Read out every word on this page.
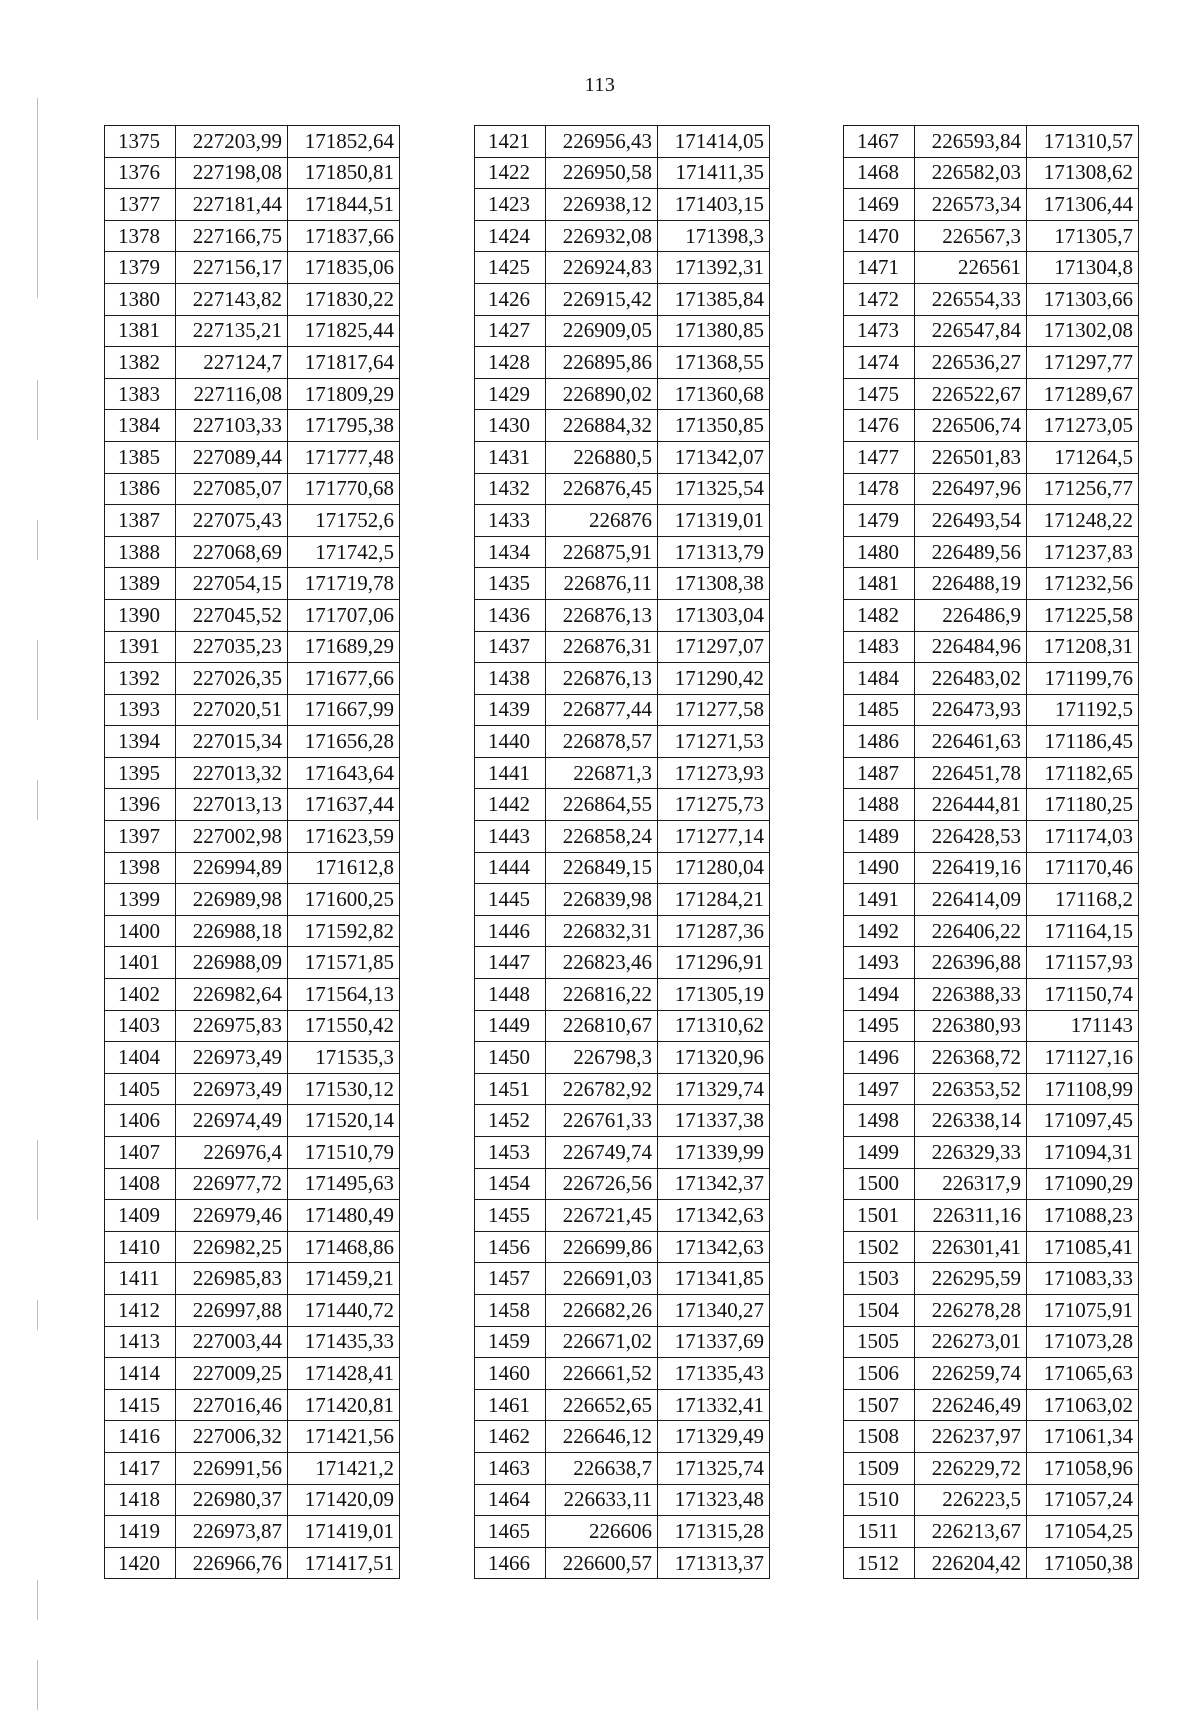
113
1375	227203,99	171852,64
1376	227198,08	171850,81
1377	227181,44	171844,51
1378	227166,75	171837,66
1379	227156,17	171835,06
1380	227143,82	171830,22
1381	227135,21	171825,44
1382	227124,7	171817,64
1383	227116,08	171809,29
1384	227103,33	171795,38
1385	227089,44	171777,48
1386	227085,07	171770,68
1387	227075,43	171752,6
1388	227068,69	171742,5
1389	227054,15	171719,78
1390	227045,52	171707,06
1391	227035,23	171689,29
1392	227026,35	171677,66
1393	227020,51	171667,99
1394	227015,34	171656,28
1395	227013,32	171643,64
1396	227013,13	171637,44
1397	227002,98	171623,59
1398	226994,89	171612,8
1399	226989,98	171600,25
1400	226988,18	171592,82
1401	226988,09	171571,85
1402	226982,64	171564,13
1403	226975,83	171550,42
1404	226973,49	171535,3
1405	226973,49	171530,12
1406	226974,49	171520,14
1407	226976,4	171510,79
1408	226977,72	171495,63
1409	226979,46	171480,49
1410	226982,25	171468,86
1411	226985,83	171459,21
1412	226997,88	171440,72
1413	227003,44	171435,33
1414	227009,25	171428,41
1415	227016,46	171420,81
1416	227006,32	171421,56
1417	226991,56	171421,2
1418	226980,37	171420,09
1419	226973,87	171419,01
1420	226966,76	171417,51
1421	226956,43	171414,05
1422	226950,58	171411,35
1423	226938,12	171403,15
1424	226932,08	171398,3
1425	226924,83	171392,31
1426	226915,42	171385,84
1427	226909,05	171380,85
1428	226895,86	171368,55
1429	226890,02	171360,68
1430	226884,32	171350,85
1431	226880,5	171342,07
1432	226876,45	171325,54
1433	226876	171319,01
1434	226875,91	171313,79
1435	226876,11	171308,38
1436	226876,13	171303,04
1437	226876,31	171297,07
1438	226876,13	171290,42
1439	226877,44	171277,58
1440	226878,57	171271,53
1441	226871,3	171273,93
1442	226864,55	171275,73
1443	226858,24	171277,14
1444	226849,15	171280,04
1445	226839,98	171284,21
1446	226832,31	171287,36
1447	226823,46	171296,91
1448	226816,22	171305,19
1449	226810,67	171310,62
1450	226798,3	171320,96
1451	226782,92	171329,74
1452	226761,33	171337,38
1453	226749,74	171339,99
1454	226726,56	171342,37
1455	226721,45	171342,63
1456	226699,86	171342,63
1457	226691,03	171341,85
1458	226682,26	171340,27
1459	226671,02	171337,69
1460	226661,52	171335,43
1461	226652,65	171332,41
1462	226646,12	171329,49
1463	226638,7	171325,74
1464	226633,11	171323,48
1465	226606	171315,28
1466	226600,57	171313,37
1467	226593,84	171310,57
1468	226582,03	171308,62
1469	226573,34	171306,44
1470	226567,3	171305,7
1471	226561	171304,8
1472	226554,33	171303,66
1473	226547,84	171302,08
1474	226536,27	171297,77
1475	226522,67	171289,67
1476	226506,74	171273,05
1477	226501,83	171264,5
1478	226497,96	171256,77
1479	226493,54	171248,22
1480	226489,56	171237,83
1481	226488,19	171232,56
1482	226486,9	171225,58
1483	226484,96	171208,31
1484	226483,02	171199,76
1485	226473,93	171192,5
1486	226461,63	171186,45
1487	226451,78	171182,65
1488	226444,81	171180,25
1489	226428,53	171174,03
1490	226419,16	171170,46
1491	226414,09	171168,2
1492	226406,22	171164,15
1493	226396,88	171157,93
1494	226388,33	171150,74
1495	226380,93	171143
1496	226368,72	171127,16
1497	226353,52	171108,99
1498	226338,14	171097,45
1499	226329,33	171094,31
1500	226317,9	171090,29
1501	226311,16	171088,23
1502	226301,41	171085,41
1503	226295,59	171083,33
1504	226278,28	171075,91
1505	226273,01	171073,28
1506	226259,74	171065,63
1507	226246,49	171063,02
1508	226237,97	171061,34
1509	226229,72	171058,96
1510	226223,5	171057,24
1511	226213,67	171054,25
1512	226204,42	171050,38
